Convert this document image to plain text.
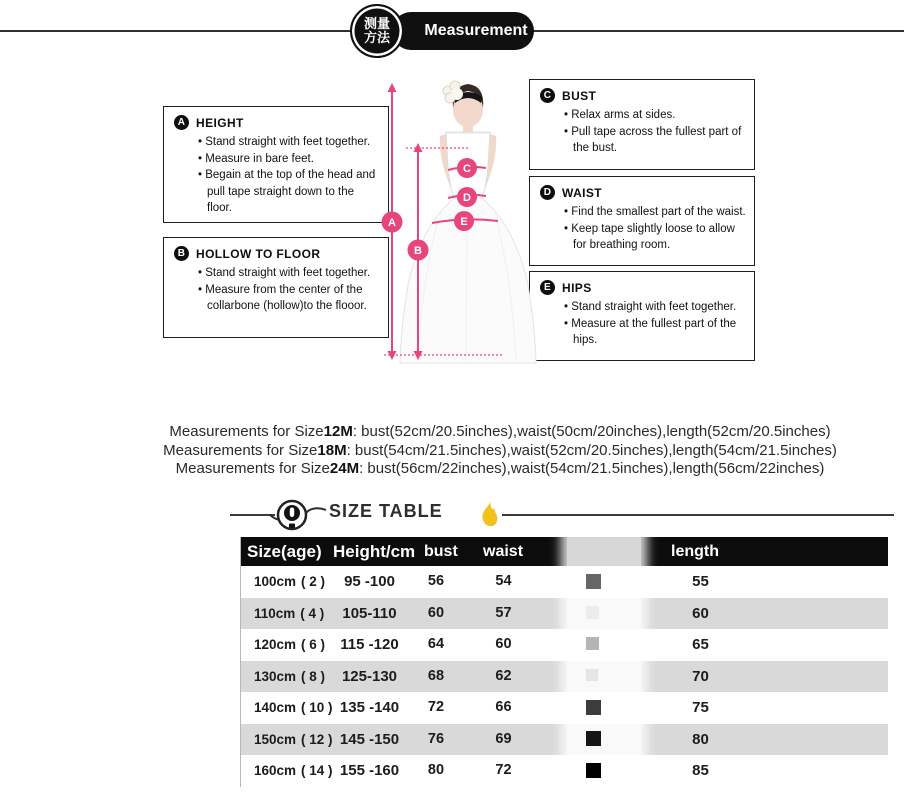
Measurement
测量
方法
A HEIGHT
• Stand straight with feet together.
• Measure in bare feet.
• Begain at the top of the head and pull tape straight down to the floor.
B HOLLOW TO FLOOR
• Stand straight with feet together.
• Measure from the center of the collarbone (hollow)to the flooor.
C BUST
• Relax arms at sides.
• Pull tape across the fullest part of the bust.
D WAIST
• Find the smallest part of the waist.
• Keep tape slightly loose to allow for breathing room.
E HIPS
• Stand straight with feet together.
• Measure at the fullest part of the hips.
A
B
C
D
E

Measurements for Size12M: bust(52cm/20.5inches),waist(50cm/20inches),length(52cm/20.5inches)

Measurements for Size18M: bust(54cm/21.5inches),waist(52cm/20.5inches),length(54cm/21.5inches)

Measurements for Size24M: bust(56cm/22inches),waist(54cm/21.5inches),length(56cm/22inches)

SIZE TABLE
Size(age) Height/cm bust	waist	length
100cm ( 2 )	95 -100	56	54	55
110cm ( 4 )	105-110	60	57	60
120cm ( 6 )	115 -120	64	60	65
130cm ( 8 )	125-130	68	62	70
140cm ( 10 ) 135 -140	72	66	75
150cm ( 12 ) 145 -150	76	69	80
160cm ( 14 ) 155 -160	80	72	85
